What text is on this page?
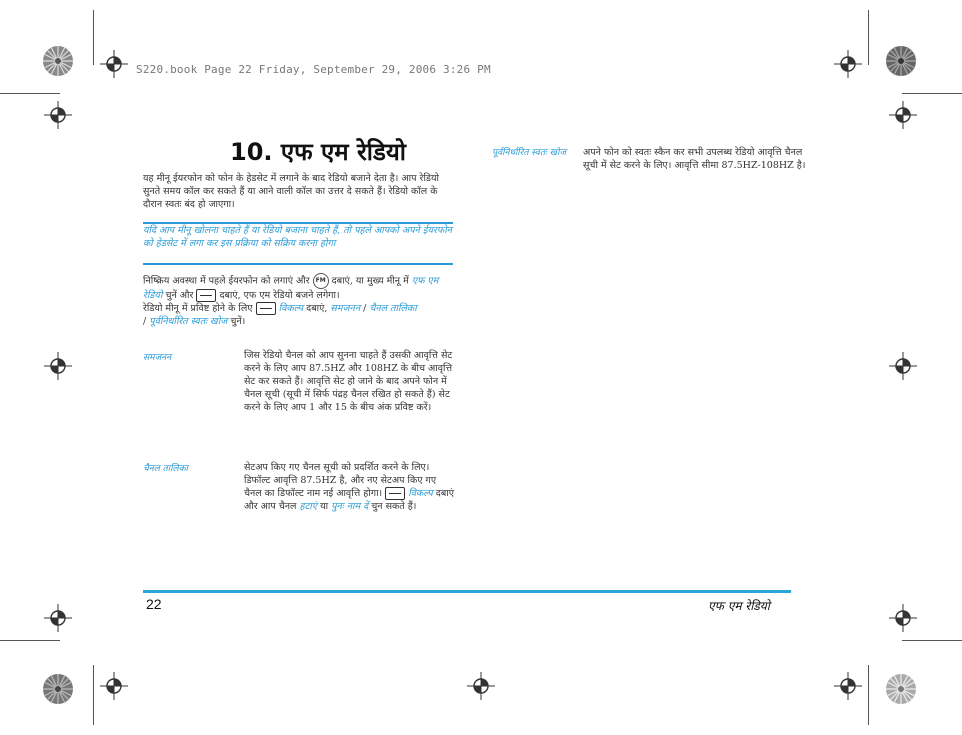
S220.book Page 22 Friday, September 29, 2006 3:26 PM
10. एफ एम रेडियो
यह मीनू ईयरफोन को फोन के हेडसेट में लगाने के बाद रेडियो बजाने देता है। आप रेडियो सुनते समय कॉल कर सकते हैं या आने वाली कॉल का उत्तर दे सकते हैं। रेडियो कॉल के दौरान स्वतः बंद हो जाएगा।
यदि आप मीनू खोलना चाहते हैं या रेडियो बजाना चाहते हैं, तो पहले आपको अपने ईयरफोन को हेडसेट में लगा कर इस प्रक्रिया को सक्रिय करना होगा
निष्क्रिय अवस्था में पहले ईयरफोन को लगाएं और FM दबाएं, या मुख्य मीनू में एफ एम रेडियो चुनें और	दबाएं, एफ एम रेडियो बजने लगेगा।
रेडियो मीनू में प्रविष्ट होने के लिए	विकल्प दबाएं, समजनन / चैनल तालिका
/ पूर्वनिर्धारित स्वतः खोज चुनें।
समजनन	जिस रेडियो चैनल को आप सुनना चाहते हैं उसकी आवृत्ति सेट करने के लिए आप 87.5HZ और 108HZ के बीच आवृत्ति सेट कर सकते हैं। आवृत्ति सेट हो जाने के बाद अपने फोन में चैनल सूची (सूची में सिर्फ पंद्रह चैनल रखित हो सकते हैं) सेट करने के लिए आप 1 और 15 के बीच अंक प्रविष्ट करें।
चैनल तालिका	सेटअप किए गए चैनल सूची को प्रदर्शित करने के लिए। डिफॉल्ट आवृत्ति 87.5HZ है, और नए सेटअप किए गए चैनल का डिफॉल्ट नाम नई आवृत्ति होगा।	विकल्प दबाएं और आप चैनल हटाएं या पुनः नाम दें चुन सकते हैं।
पूर्वनिर्धारित स्वतः खोज	अपने फोन को स्वतः स्कैन कर सभी उपलब्ध रेडियो आवृत्ति चैनल सूची में सेट करने के लिए। आवृत्ति सीमा 87.5HZ-108HZ है।
22	एफ एम रेडियो
